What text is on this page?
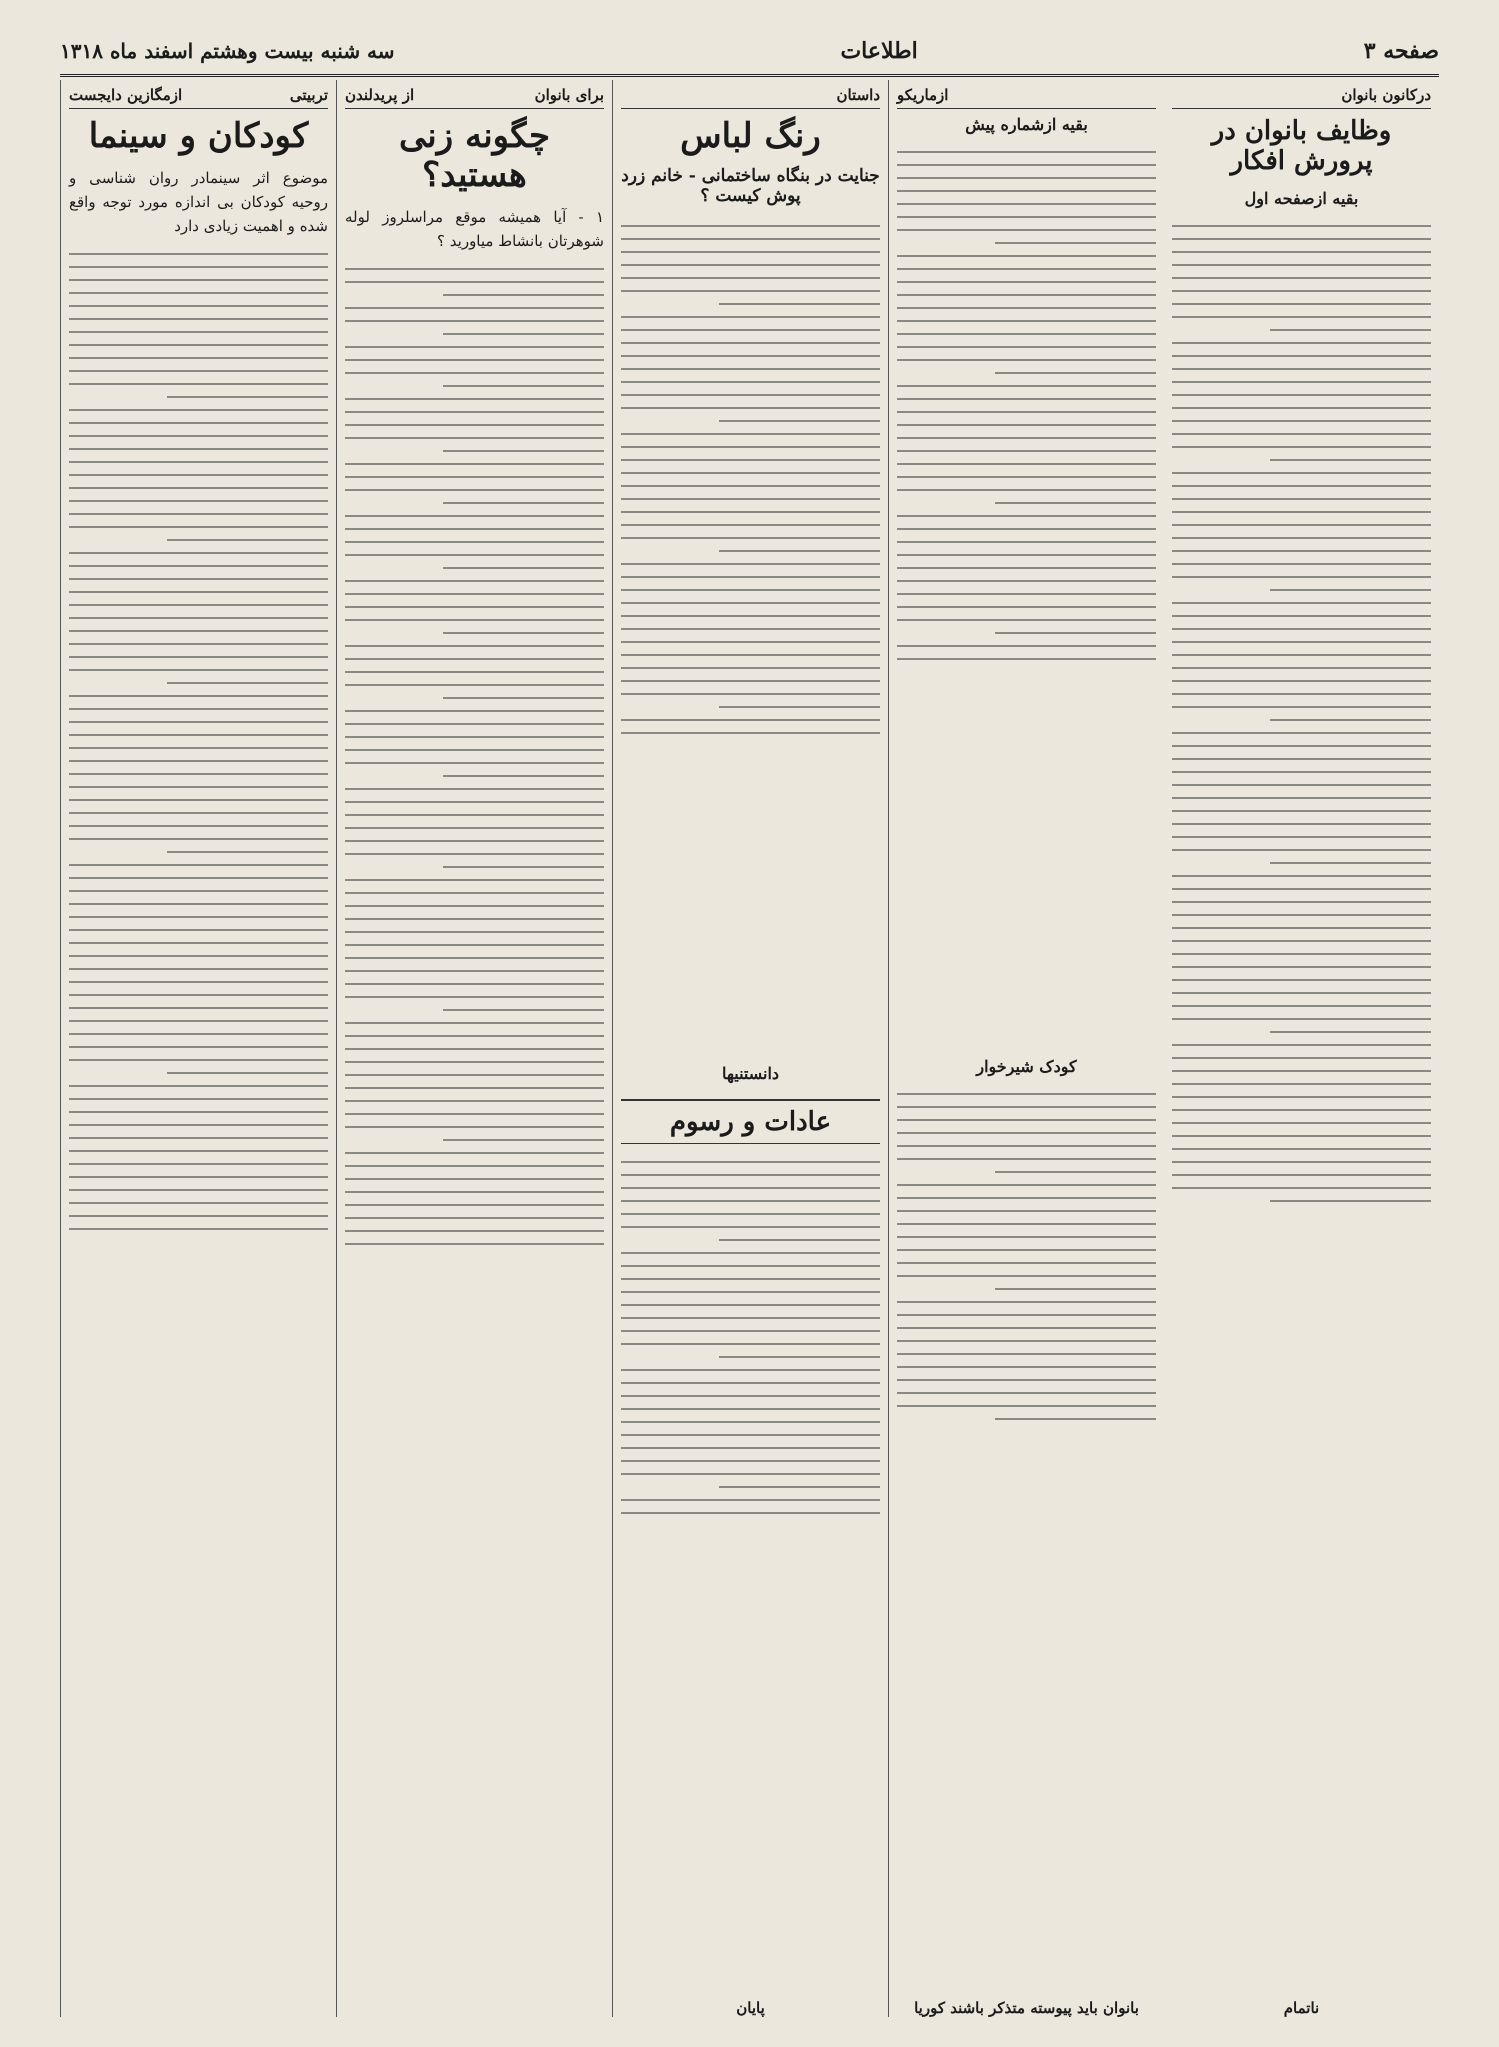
صفحه ۳
اطلاعات
سه شنبه بیست وهشتم اسفند ماه ۱۳۱۸
تربیتی
ازمگازین دایجست
کودکان و سینما
موضوع اثر سینمادر روان شناسی و روحیه کودکان بی اندازه مورد توجه واقع شده و اهمیت زیادی دارد
برای بانوان
از پریدلندن
چگونه زنی هستید؟
۱ - آیا همیشه موقع مراسلروز لوله شوهرتان بانشاط میاورید ؟
داستان
رنگ لباس
جنایت در بنگاه ساختمانی - خانم زرد پوش کیست ؟
دانستنیها
عادات و رسوم
پایان
ازماریکو
بقیه ازشماره پیش
کودک شیرخوار
بانوان باید پیوسته متذکر باشند کوریا
درکانون بانوان
وظایف بانوان در پرورش افکار
بقیه ازصفحه اول
ناتمام
